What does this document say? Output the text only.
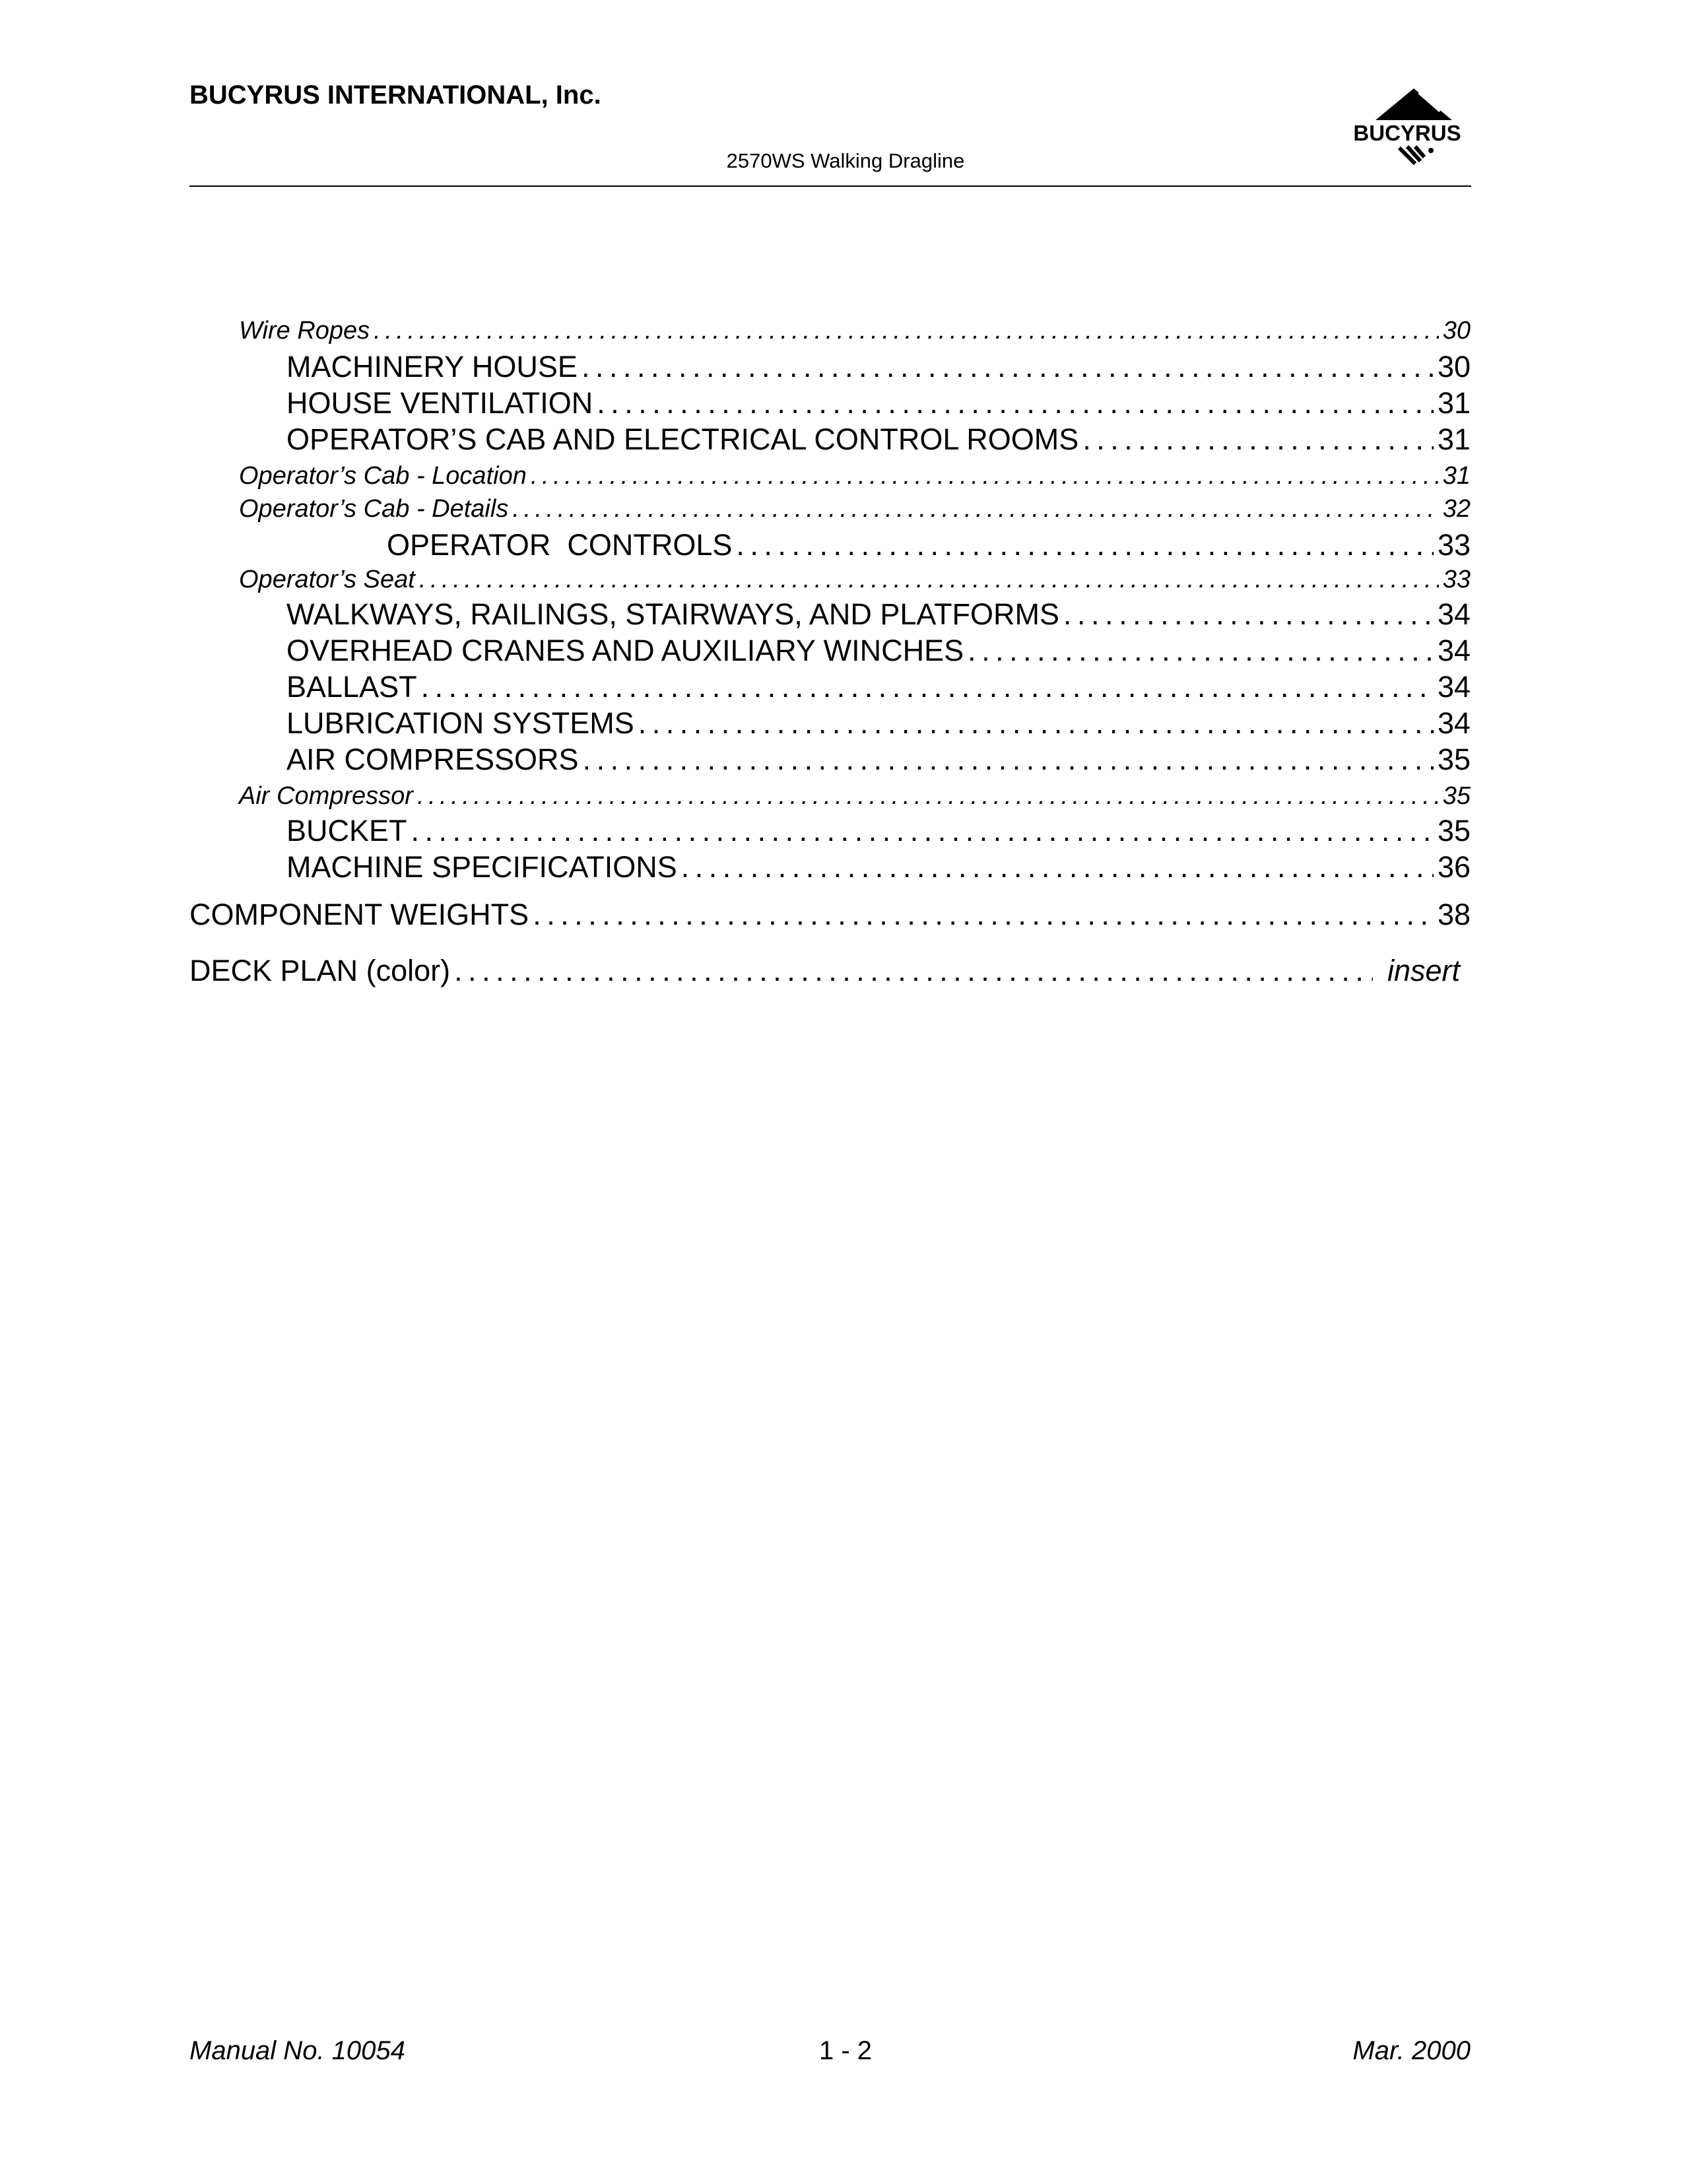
BUCYRUS INTERNATIONAL, Inc.
2570WS Walking Dragline
BUCYRUS
Wire Ropes . . .	30
MACHINERY HOUSE . . .	30
HOUSE VENTILATION . . .	31
OPERATOR’S CAB AND ELECTRICAL CONTROL ROOMS . . .	31
Operator’s Cab - Location . . .	31
Operator’s Cab - Details . . .	32
OPERATOR  CONTROLS . . .	33
Operator’s Seat . . .	33
WALKWAYS, RAILINGS, STAIRWAYS, AND PLATFORMS . . .	34
OVERHEAD CRANES AND AUXILIARY WINCHES . . .	34
BALLAST . . .	34
LUBRICATION SYSTEMS . . .	34
AIR COMPRESSORS . . .	35
Air Compressor . . .	35
BUCKET . . .	35
MACHINE SPECIFICATIONS . . .	36
COMPONENT WEIGHTS . . .	38
DECK PLAN (color) . . .	insert
Manual No. 10054	1 - 2	Mar. 2000
